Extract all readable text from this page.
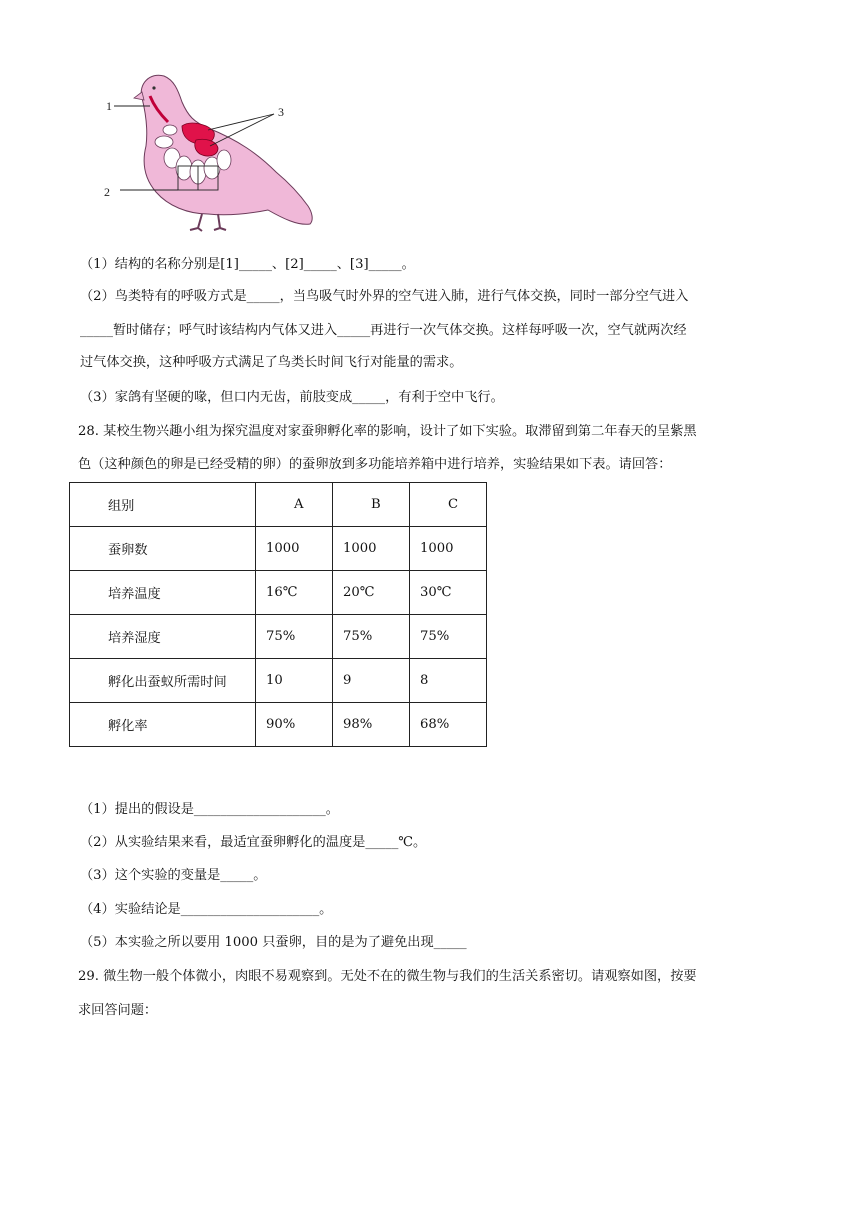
1
2
3
（1）结构的名称分别是[1]_____、[2]_____、[3]_____。
（2）鸟类特有的呼吸方式是_____，当鸟吸气时外界的空气进入肺，进行气体交换，同时一部分空气进入
_____暂时储存；呼气时该结构内气体又进入_____再进行一次气体交换。这样每呼吸一次，空气就两次经
过气体交换，这种呼吸方式满足了鸟类长时间飞行对能量的需求。
（3）家鸽有坚硬的喙，但口内无齿，前肢变成_____，有利于空中飞行。
28. 某校生物兴趣小组为探究温度对家蚕卵孵化率的影响，设计了如下实验。取滞留到第二年春天的呈紫黑
色（这种颜色的卵是已经受精的卵）的蚕卵放到多功能培养箱中进行培养，实验结果如下表。请回答：
组别	A	B	C
蚕卵数	1000	1000	1000
培养温度	16℃	20℃	30℃
培养湿度	75%	75%	75%
孵化出蚕蚁所需时间	10	9	8
孵化率	90%	98%	68%
（1）提出的假设是____________________。
（2）从实验结果来看，最适宜蚕卵孵化的温度是_____℃。
（3）这个实验的变量是_____。
（4）实验结论是_____________________。
（5）本实验之所以要用 1000 只蚕卵，目的是为了避免出现_____
29. 微生物一般个体微小，肉眼不易观察到。无处不在的微生物与我们的生活关系密切。请观察如图，按要
求回答问题：
